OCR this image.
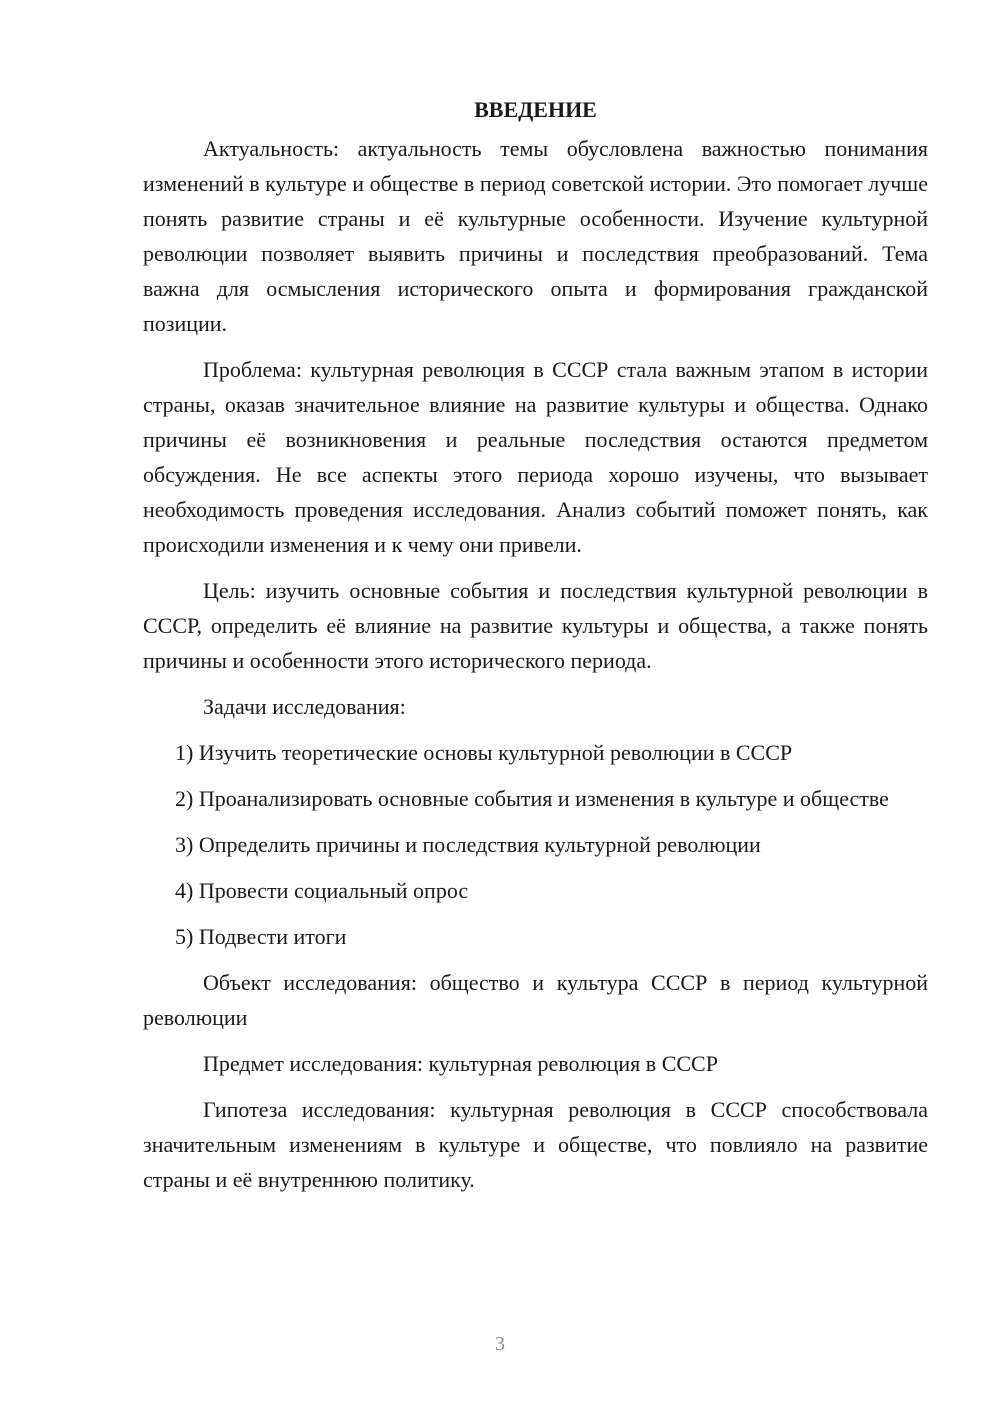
ВВЕДЕНИЕ

Актуальность: актуальность темы обусловлена важностью понимания изменений в культуре и обществе в период советской истории. Это помогает лучше понять развитие страны и её культурные особенности. Изучение культурной революции позволяет выявить причины и последствия преобразований. Тема важна для осмысления исторического опыта и формирования гражданской позиции.

Проблема: культурная революция в СССР стала важным этапом в истории страны, оказав значительное влияние на развитие культуры и общества. Однако причины её возникновения и реальные последствия остаются предметом обсуждения. Не все аспекты этого периода хорошо изучены, что вызывает необходимость проведения исследования. Анализ событий поможет понять, как происходили изменения и к чему они привели.

Цель: изучить основные события и последствия культурной революции в СССР, определить её влияние на развитие культуры и общества, а также понять причины и особенности этого исторического периода.

Задачи исследования:

1) Изучить теоретические основы культурной революции в СССР

2) Проанализировать основные события и изменения в культуре и обществе

3) Определить причины и последствия культурной революции

4) Провести социальный опрос

5) Подвести итоги

Объект исследования: общество и культура СССР в период культурной революции

Предмет исследования: культурная революция в СССР

Гипотеза исследования: культурная революция в СССР способствовала значительным изменениям в культуре и обществе, что повлияло на развитие страны и её внутреннюю политику.

3
